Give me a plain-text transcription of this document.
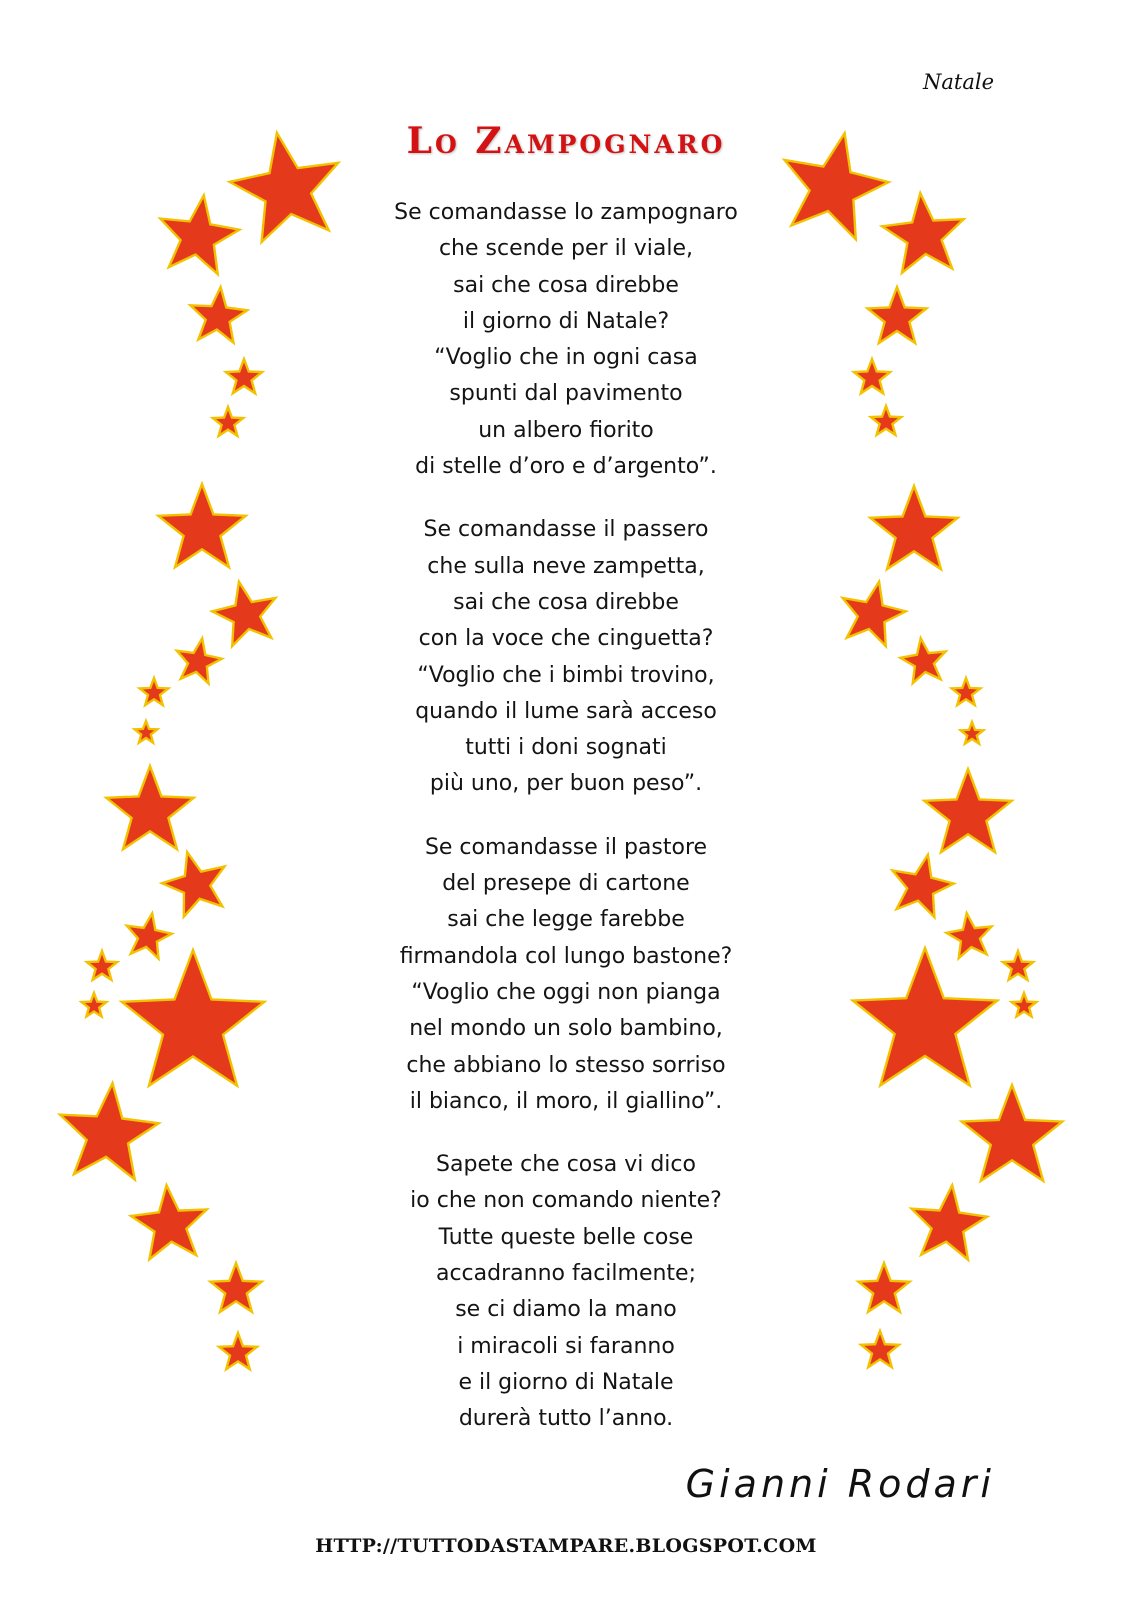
Natale
Lo Zampognaro
Se comandasse lo zampognaro
che scende per il viale,
sai che cosa direbbe
il giorno di Natale?
“Voglio che in ogni casa
spunti dal pavimento
un albero fiorito
di stelle d’oro e d’argento”.
Se comandasse il passero
che sulla neve zampetta,
sai che cosa direbbe
con la voce che cinguetta?
“Voglio che i bimbi trovino,
quando il lume sarà acceso
tutti i doni sognati
più uno, per buon peso”.
Se comandasse il pastore
del presepe di cartone
sai che legge farebbe
firmandola col lungo bastone?
“Voglio che oggi non pianga
nel mondo un solo bambino,
che abbiano lo stesso sorriso
il bianco, il moro, il giallino”.
Sapete che cosa vi dico
io che non comando niente?
Tutte queste belle cose
accadranno facilmente;
se ci diamo la mano
i miracoli si faranno
e il giorno di Natale
durerà tutto l’anno.
Gianni Rodari
HTTP://TUTTODASTAMPARE.BLOGSPOT.COM
